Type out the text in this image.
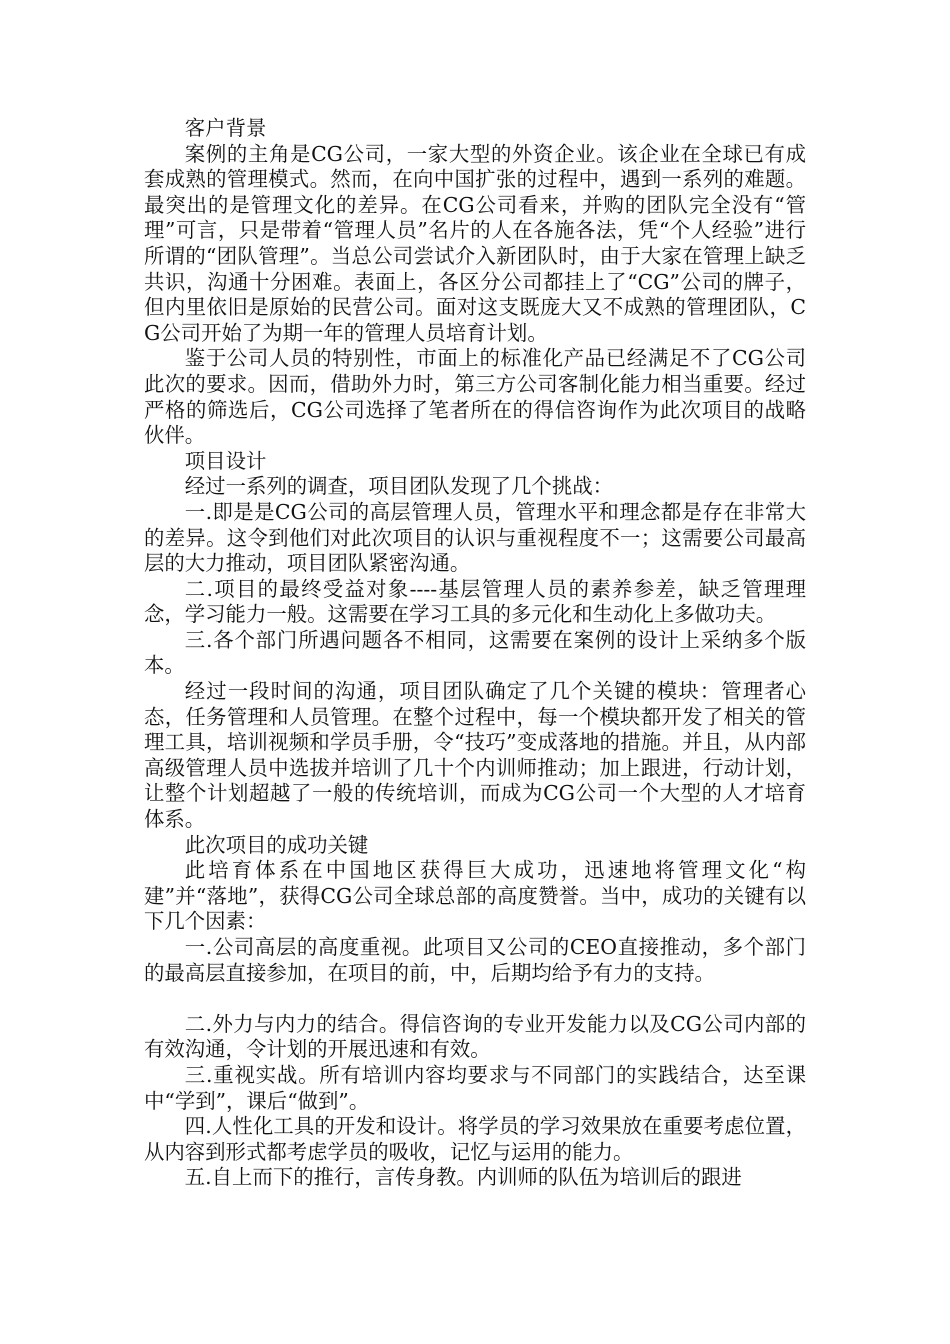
客户背景

案例的主角是CG公司，一家大型的外资企业。该企业在全球已有成套成熟的管理模式。然而，在向中国扩张的过程中，遇到一系列的难题。最突出的是管理文化的差异。在CG公司看来，并购的团队完全没有“管理”可言，只是带着“管理人员”名片的人在各施各法，凭“个人经验”进行所谓的“团队管理”。当总公司尝试介入新团队时，由于大家在管理上缺乏共识，沟通十分困难。表面上，各区分公司都挂上了“CG”公司的牌子，但内里依旧是原始的民营公司。面对这支既庞大又不成熟的管理团队，CG公司开始了为期一年的管理人员培育计划。

鉴于公司人员的特别性，市面上的标准化产品已经满足不了CG公司此次的要求。因而，借助外力时，第三方公司客制化能力相当重要。经过严格的筛选后，CG公司选择了笔者所在的得信咨询作为此次项目的战略伙伴。

项目设计

经过一系列的调查，项目团队发现了几个挑战：

一.即是是CG公司的高层管理人员，管理水平和理念都是存在非常大的差异。这令到他们对此次项目的认识与重视程度不一；这需要公司最高层的大力推动，项目团队紧密沟通。

二.项目的最终受益对象----基层管理人员的素养参差，缺乏管理理念，学习能力一般。这需要在学习工具的多元化和生动化上多做功夫。

三.各个部门所遇问题各不相同，这需要在案例的设计上采纳多个版本。

经过一段时间的沟通，项目团队确定了几个关键的模块：管理者心态，任务管理和人员管理。在整个过程中，每一个模块都开发了相关的管理工具，培训视频和学员手册，令“技巧”变成落地的措施。并且，从内部高级管理人员中选拔并培训了几十个内训师推动；加上跟进，行动计划，让整个计划超越了一般的传统培训，而成为CG公司一个大型的人才培育体系。

此次项目的成功关键

此培育体系在中国地区获得巨大成功，迅速地将管理文化“构建”并“落地”，获得CG公司全球总部的高度赞誉。当中，成功的关键有以下几个因素：

一.公司高层的高度重视。此项目又公司的CEO直接推动，多个部门的最高层直接参加，在项目的前，中，后期均给予有力的支持。

二.外力与内力的结合。得信咨询的专业开发能力以及CG公司内部的有效沟通，令计划的开展迅速和有效。

三.重视实战。所有培训内容均要求与不同部门的实践结合，达至课中“学到”，课后“做到”。

四.人性化工具的开发和设计。将学员的学习效果放在重要考虑位置，从内容到形式都考虑学员的吸收，记忆与运用的能力。

五.自上而下的推行，言传身教。内训师的队伍为培训后的跟进
